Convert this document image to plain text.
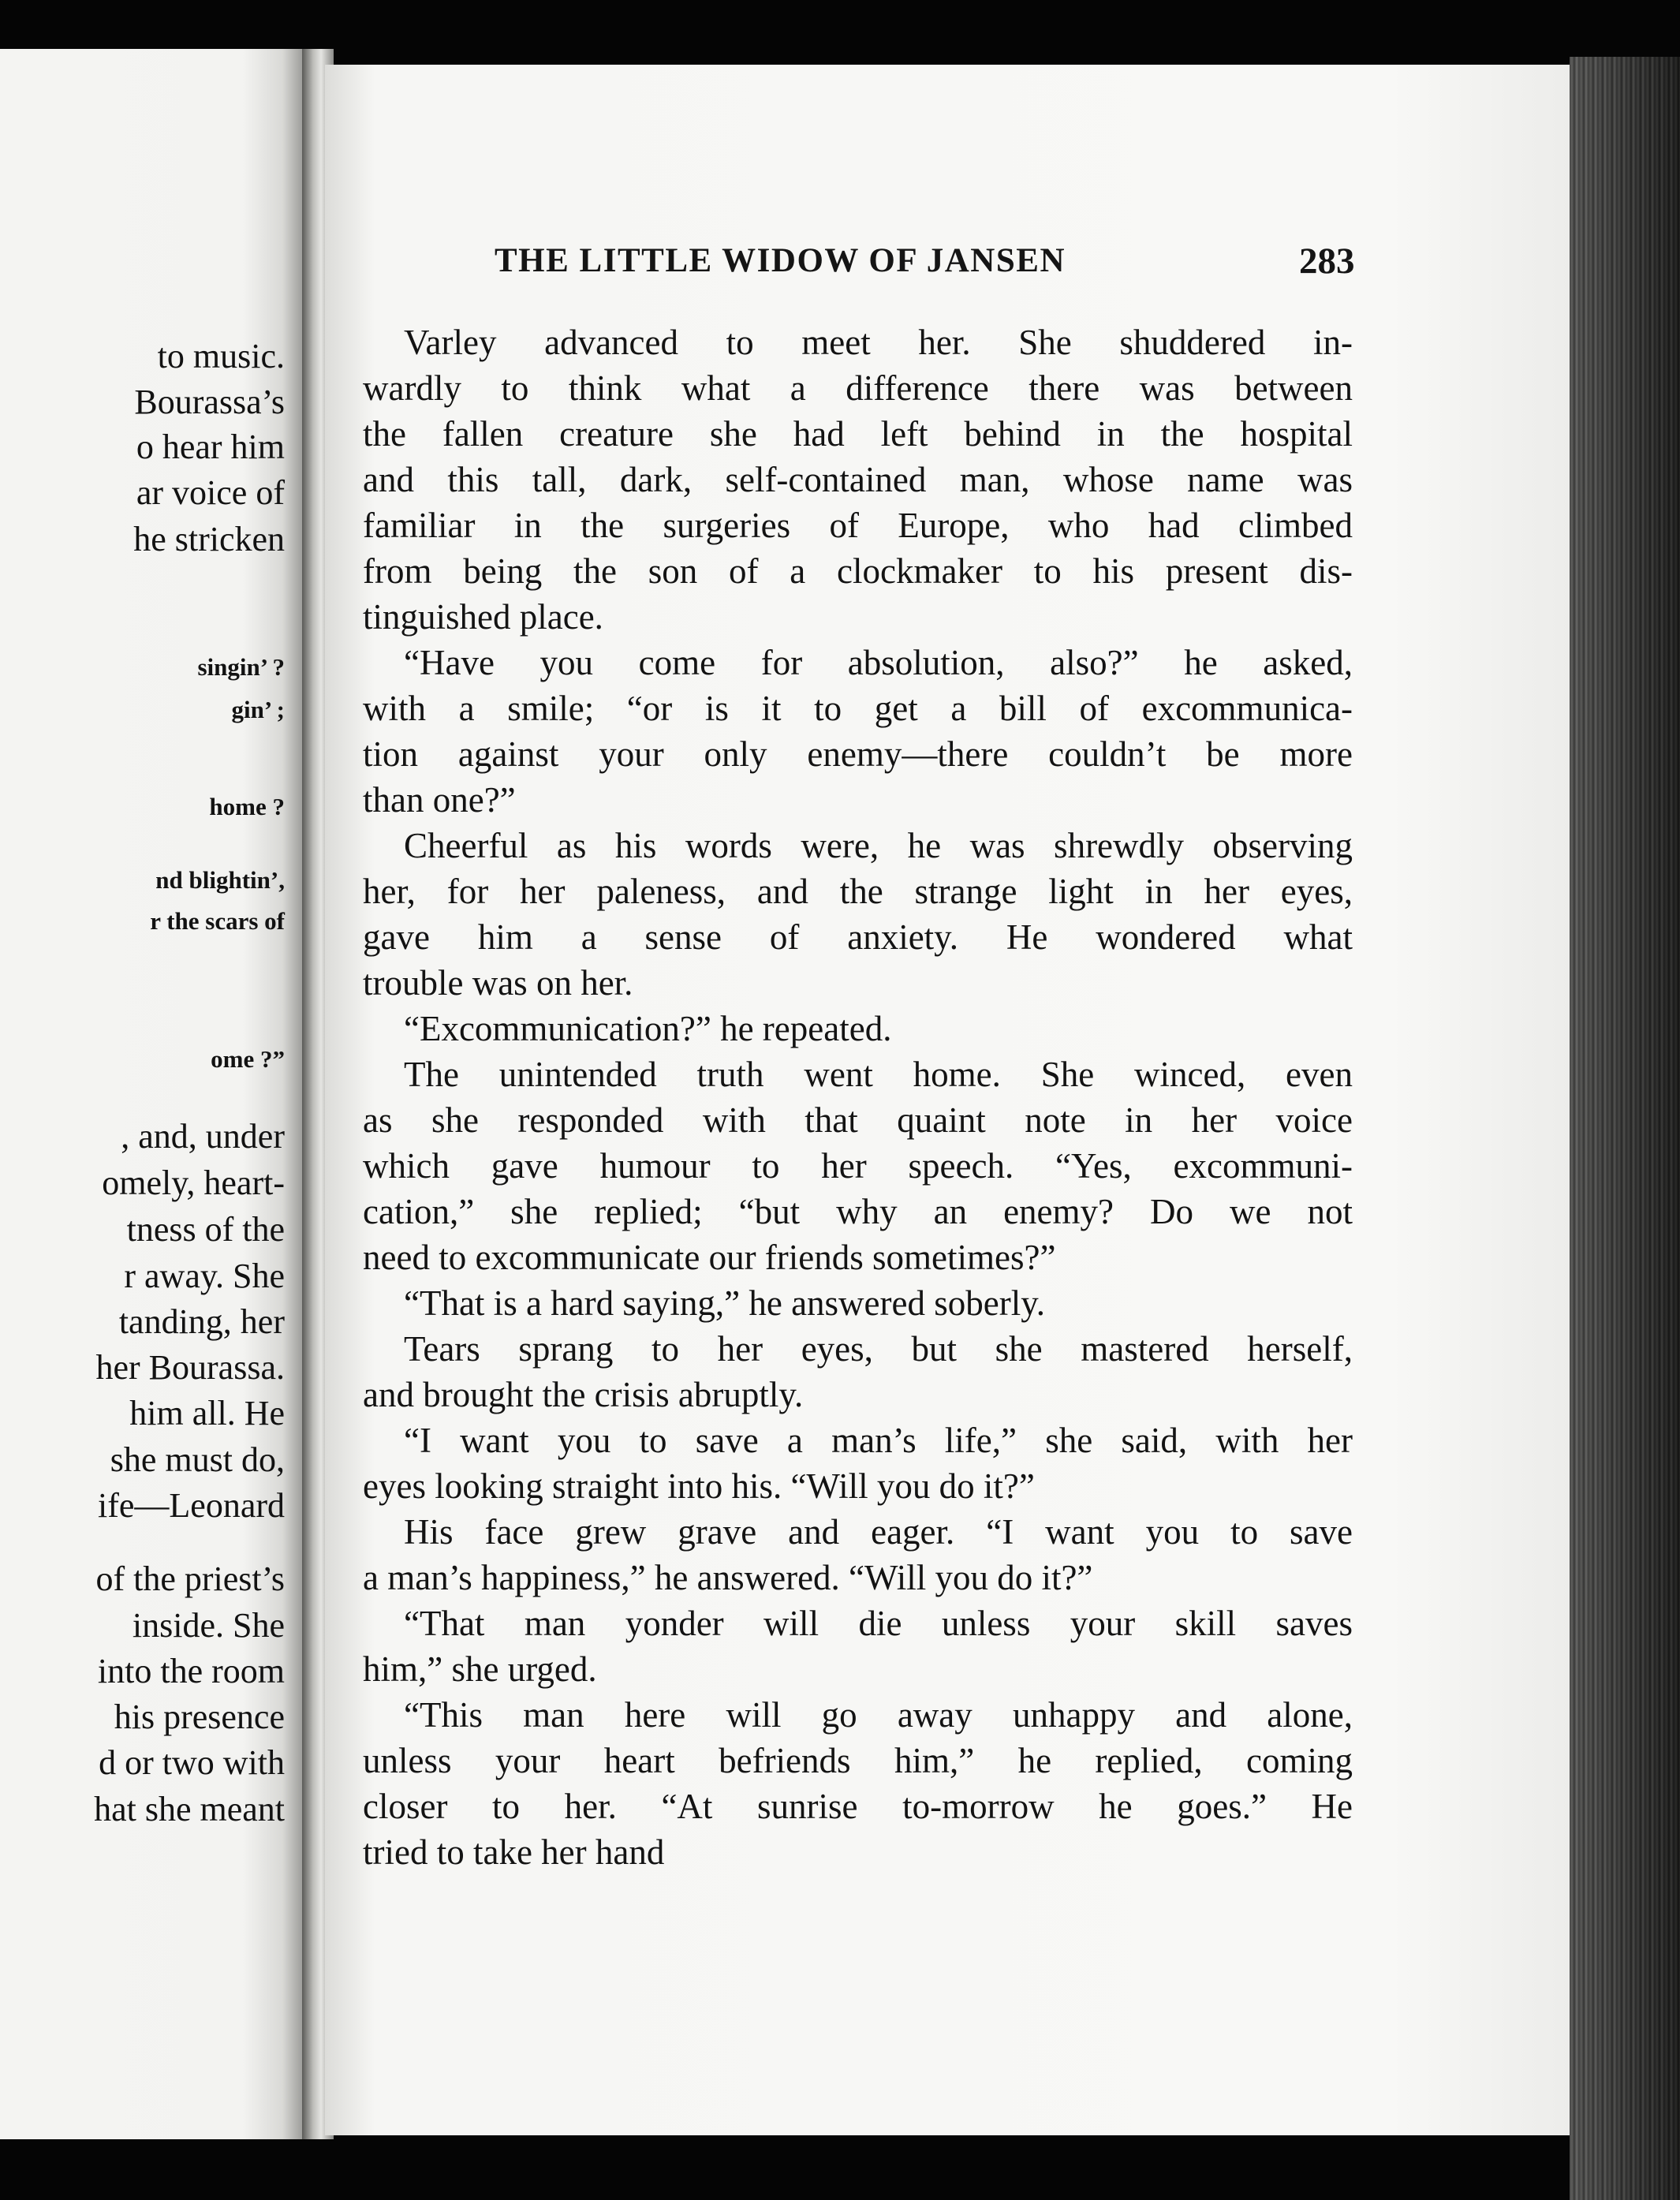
to music.
Bourassa’s
o hear him
ar voice of
he stricken
singin’ ?
gin’ ;
home ?
nd blightin’,
r the scars of
ome ?”
, and, under
omely, heart-
tness of the
r away. She
tanding, her
her Bourassa.
him all. He
she must do,
ife—Leonard
of the priest’s
inside. She
into the room
his presence
d or two with
hat she meant
THE LITTLE WIDOW OF JANSEN	283
Varley advanced to meet her. She shuddered in-
wardly to think what a difference there was between
the fallen creature she had left behind in the hospital
and this tall, dark, self-contained man, whose name was
familiar in the surgeries of Europe, who had climbed
from being the son of a clockmaker to his present dis-
tinguished place.
“Have you come for absolution, also?” he asked,
with a smile; “or is it to get a bill of excommunica-
tion against your only enemy—there couldn’t be more
than one?”
Cheerful as his words were, he was shrewdly observing
her, for her paleness, and the strange light in her eyes,
gave him a sense of anxiety. He wondered what
trouble was on her.
“Excommunication?” he repeated.
The unintended truth went home. She winced, even
as she responded with that quaint note in her voice
which gave humour to her speech. “Yes, excommuni-
cation,” she replied; “but why an enemy? Do we not
need to excommunicate our friends sometimes?”
“That is a hard saying,” he answered soberly.
Tears sprang to her eyes, but she mastered herself,
and brought the crisis abruptly.
“I want you to save a man’s life,” she said, with her
eyes looking straight into his. “Will you do it?”
His face grew grave and eager. “I want you to save
a man’s happiness,” he answered. “Will you do it?”
“That man yonder will die unless your skill saves
him,” she urged.
“This man here will go away unhappy and alone,
unless your heart befriends him,” he replied, coming
closer to her. “At sunrise to-morrow he goes.” He
tried to take her hand
